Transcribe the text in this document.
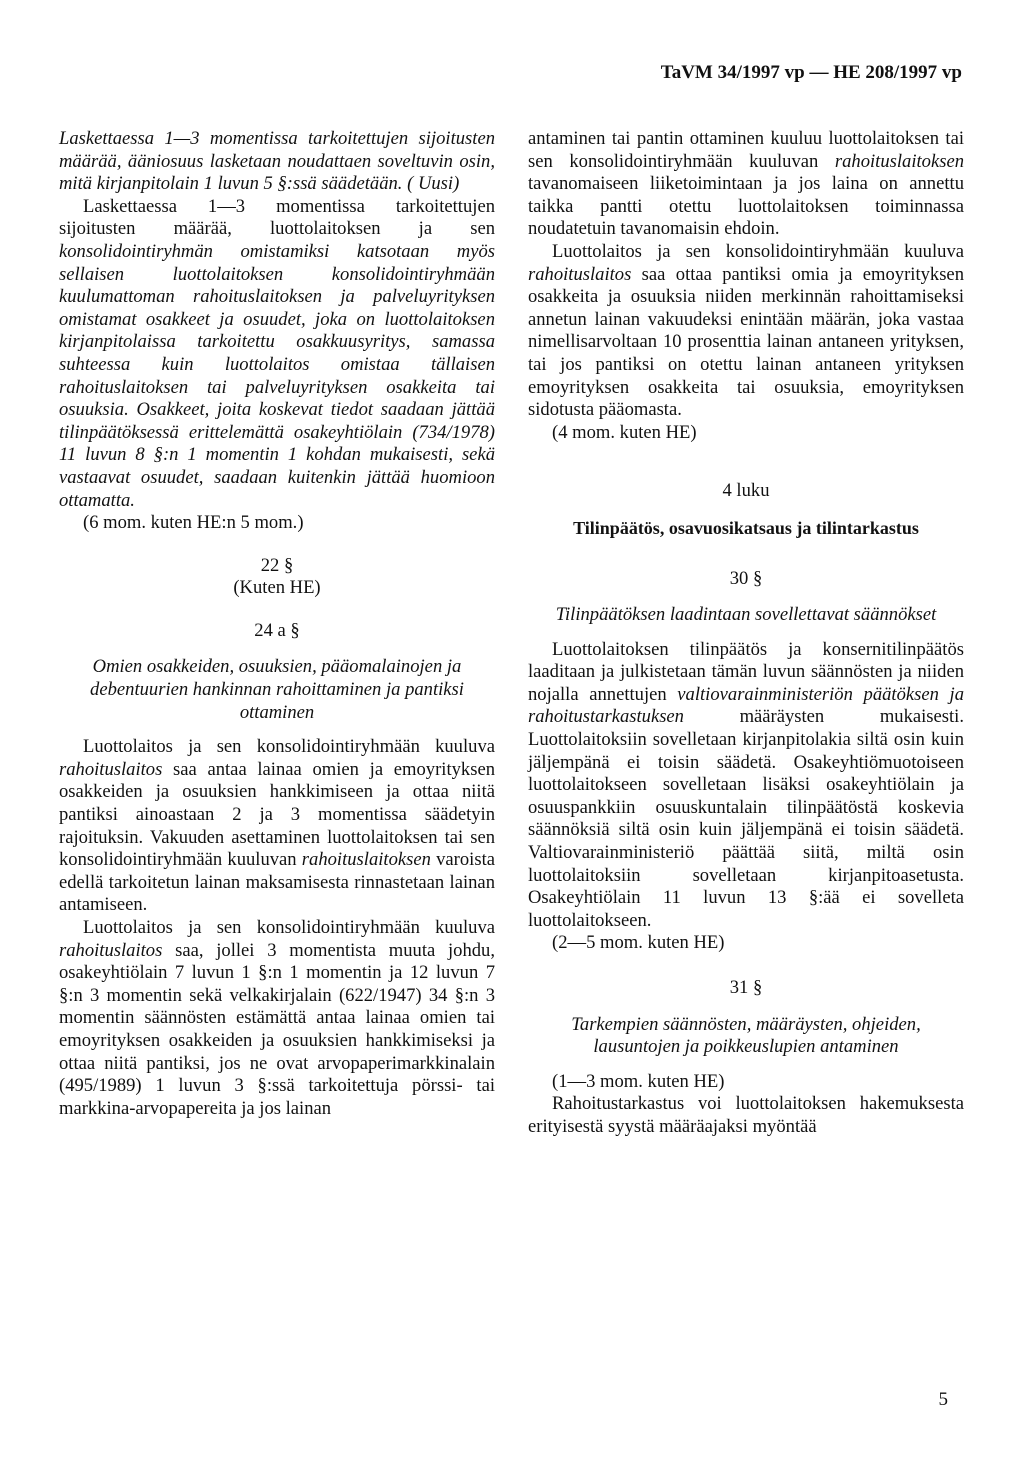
TaVM 34/1997 vp — HE 208/1997 vp

Laskettaessa 1—3 momentissa tarkoitettujen sijoitusten määrää, ääniosuus lasketaan noudattaen soveltuvin osin, mitä kirjanpitolain 1 luvun 5 §:ssä säädetään. ( Uusi)

Laskettaessa 1—3 momentissa tarkoitettujen sijoitusten määrää, luottolaitoksen ja sen konsolidointiryhmän omistamiksi katsotaan myös sellaisen luottolaitoksen konsolidointiryhmään kuulumattoman rahoituslaitoksen ja palveluyrityksen omistamat osakkeet ja osuudet, joka on luottolaitoksen kirjanpitolaissa tarkoitettu osakkuusyritys, samassa suhteessa kuin luottolaitos omistaa tällaisen rahoituslaitoksen tai palveluyrityksen osakkeita tai osuuksia. Osakkeet, joita koskevat tiedot saadaan jättää tilinpäätöksessä erittelemättä osakeyhtiölain (734/1978) 11 luvun 8 §:n 1 momentin 1 kohdan mukaisesti, sekä vastaavat osuudet, saadaan kuitenkin jättää huomioon ottamatta.

(6 mom. kuten HE:n 5 mom.)

22 §

(Kuten HE)

24 a §

Omien osakkeiden, osuuksien, pääomalainojen ja debentuurien hankinnan rahoittaminen ja pantiksi ottaminen

Luottolaitos ja sen konsolidointiryhmään kuuluva rahoituslaitos saa antaa lainaa omien ja emoyrityksen osakkeiden ja osuuksien hankkimiseen ja ottaa niitä pantiksi ainoastaan 2 ja 3 momentissa säädetyin rajoituksin. Vakuuden asettaminen luottolaitoksen tai sen konsolidointiryhmään kuuluvan rahoituslaitoksen varoista edellä tarkoitetun lainan maksamisesta rinnastetaan lainan antamiseen.

Luottolaitos ja sen konsolidointiryhmään kuuluva rahoituslaitos saa, jollei 3 momentista muuta johdu, osakeyhtiölain 7 luvun 1 §:n 1 momentin ja 12 luvun 7 §:n 3 momentin sekä velkakirjalain (622/1947) 34 §:n 3 momentin säännösten estämättä antaa lainaa omien tai emoyrityksen osakkeiden ja osuuksien hankkimiseksi ja ottaa niitä pantiksi, jos ne ovat arvopaperimarkkinalain (495/1989) 1 luvun 3 §:ssä tarkoitettuja pörssi- tai markkina-arvopapereita ja jos lainan

antaminen tai pantin ottaminen kuuluu luottolaitoksen tai sen konsolidointiryhmään kuuluvan rahoituslaitoksen tavanomaiseen liiketoimintaan ja jos laina on annettu taikka pantti otettu luottolaitoksen toiminnassa noudatetuin tavanomaisin ehdoin.

Luottolaitos ja sen konsolidointiryhmään kuuluva rahoituslaitos saa ottaa pantiksi omia ja emoyrityksen osakkeita ja osuuksia niiden merkinnän rahoittamiseksi annetun lainan vakuudeksi enintään määrän, joka vastaa nimellisarvoltaan 10 prosenttia lainan antaneen yrityksen, tai jos pantiksi on otettu lainan antaneen yrityksen emoyrityksen osakkeita tai osuuksia, emoyrityksen sidotusta pääomasta.

(4 mom. kuten HE)

4 luku

Tilinpäätös, osavuosikatsaus ja tilintarkastus

30 §

Tilinpäätöksen laadintaan sovellettavat säännökset

Luottolaitoksen tilinpäätös ja konsernitilinpäätös laaditaan ja julkistetaan tämän luvun säännösten ja niiden nojalla annettujen valtiovarainministeriön päätöksen ja rahoitustarkastuksen määräysten mukaisesti. Luottolaitoksiin sovelletaan kirjanpitolakia siltä osin kuin jäljempänä ei toisin säädetä. Osakeyhtiömuotoiseen luottolaitokseen sovelletaan lisäksi osakeyhtiölain ja osuuspankkiin osuuskuntalain tilinpäätöstä koskevia säännöksiä siltä osin kuin jäljempänä ei toisin säädetä. Valtiovarainministeriö päättää siitä, miltä osin luottolaitoksiin sovelletaan kirjanpitoasetusta. Osakeyhtiölain 11 luvun 13 §:ää ei sovelleta luottolaitokseen.

(2—5 mom. kuten HE)

31 §

Tarkempien säännösten, määräysten, ohjeiden, lausuntojen ja poikkeuslupien antaminen

(1—3 mom. kuten HE)

Rahoitustarkastus voi luottolaitoksen hakemuksesta erityisestä syystä määräajaksi myöntää

5
